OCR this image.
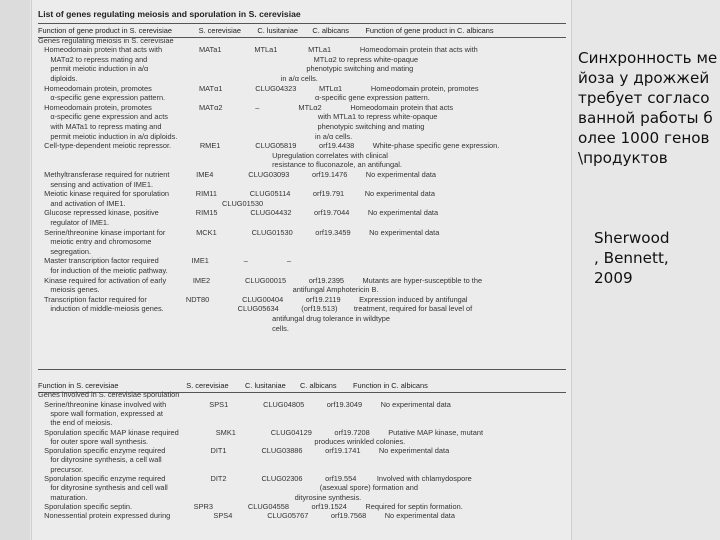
List of genes regulating meiosis and sporulation in S. cerevisiae
Function of gene product in S. cerevisiae             S. cerevisiae        C. lusitaniae       C. albicans        Function of gene product in C. albicans
Genes regulating meiosis in S. cerevisiae
Homeodomain protein that acts with                  MATa1                MTLa1               MTLa1              Homeodomain protein that acts with
MATα2 to repress mating and                                                                                 MTLα2 to repress white-opaque
permit meiotic induction in a/α                                                                             phenotypic switching and mating
diploids.                                                                                                   in a/α cells.
Homeodomain protein, promotes                       MATα1                CLUG04323           MTLα1              Homeodomain protein, promotes
α-specific gene expression pattern.                                                                         α-specific gene expression pattern.
Homeodomain protein, promotes                       MATα2                –                   MTLα2              Homeodomain protein that acts
α-specific gene expression and acts                                                                         with MTLa1 to repress white-opaque
with MATa1 to repress mating and                                                                            phenotypic switching and mating
permit meiotic induction in a/α diploids.                                                                   in a/α cells.
Cell-type-dependent meiotic repressor.              RME1                 CLUG05819           orf19.4438         White-phase specific gene expression.
Upregulation correlates with clinical
resistance to fluconazole, an antifungal.
Methyltransferase required for nutrient             IME4                 CLUG03093           orf19.1476         No experimental data
sensing and activation of IME1.
Meiotic kinase required for sporulation             RIM11                CLUG05114           orf19.791          No experimental data
and activation of IME1.                                               CLUG01530
Glucose repressed kinase, positive                  RIM15                CLUG04432           orf19.7044         No experimental data
regulator of IME1.
Serine/threonine kinase important for               MCK1                 CLUG01530           orf19.3459         No experimental data
meiotic entry and chromosome
segregation.
Master transcription factor required                IME1                 –                   –
for induction of the meiotic pathway.
Kinase required for activation of early             IME2                 CLUG00015           orf19.2395         Mutants are hyper-susceptible to the
meiosis genes.                                                                                              antifungal Amphotericin B.
Transcription factor required for                   NDT80                CLUG00404           orf19.2119         Expression induced by antifungal
induction of middle-meiosis genes.                                    CLUG05634           (orf19.513)        treatment, required for basal level of
antifungal drug tolerance in wildtype
cells.
Function in S. cerevisiae                                 S. cerevisiae        C. lusitaniae       C. albicans        Function in C. albicans
Genes involved in S. cerevisiae sporulation
Serine/threonine kinase involved with                     SPS1                 CLUG04805           orf19.3049         No experimental data
spore wall formation, expressed at
the end of meiosis.
Sporulation specific MAP kinase required                  SMK1                 CLUG04129           orf19.7208         Putative MAP kinase, mutant
for outer spore wall synthesis.                                                                                 produces wrinkled colonies.
Sporulation specific enzyme required                      DIT1                 CLUG03886           orf19.1741         No experimental data
for dityrosine synthesis, a cell wall
precursor.
Sporulation specific enzyme required                      DIT2                 CLUG02306           orf19.554          Involved with chlamydospore
for dityrosine synthesis and cell wall                                                                          (asexual spore) formation and
maturation.                                                                                                     dityrosine synthesis.
Sporulation specific septin.                              SPR3                 CLUG04558           orf19.1524         Required for septin formation.
Nonessential protein expressed during                     SPS4                 CLUG05767           orf19.7568         No experimental data
Синхронность мейоза у дрожжей требует согласованной работы более 1000 генов\продуктов
Sherwood
, Bennett,
2009
